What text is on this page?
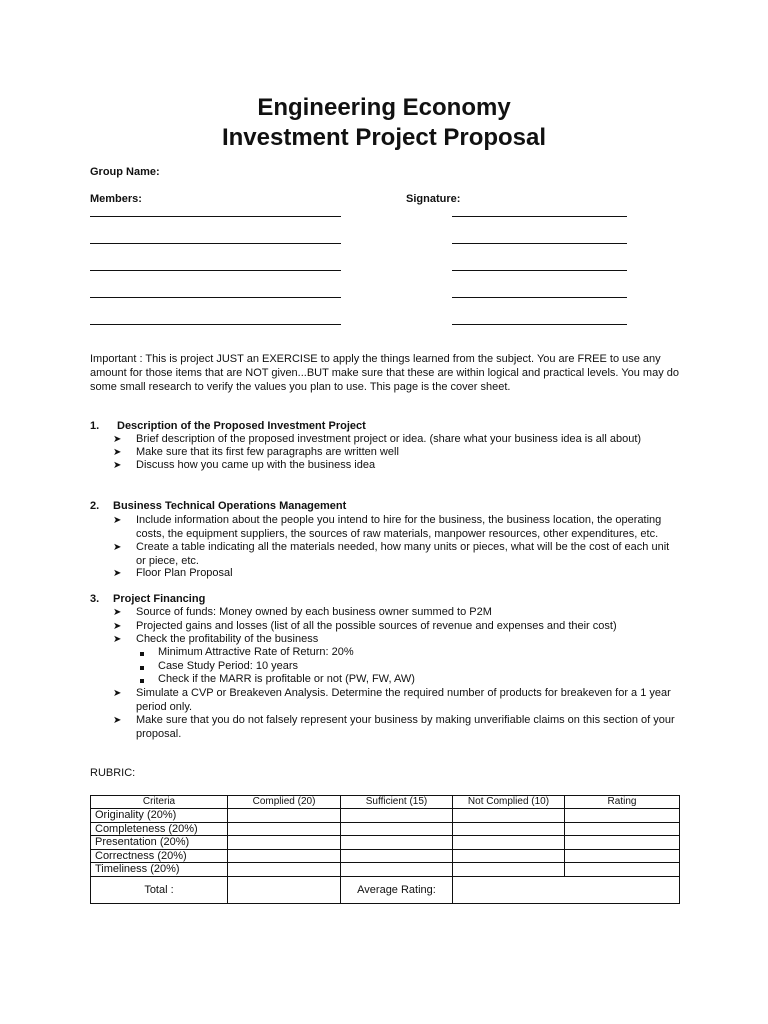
Engineering Economy
Investment Project Proposal
Group Name:
Members:	Signature:
Important : This is project JUST an EXERCISE to apply the things learned from the subject. You are FREE to use any amount for those items that are NOT given...BUT make sure that these are within logical and practical levels. You may do some small research to verify the values you plan to use. This page is the cover sheet.
1. Description of the Proposed Investment Project
➤ Brief description of the proposed investment project or idea. (share what your business idea is all about)
➤ Make sure that its first few paragraphs are written well
➤ Discuss how you came up with the business idea
2. Business Technical Operations Management
➤ Include information about the people you intend to hire for the business, the business location, the operating costs, the equipment suppliers, the sources of raw materials, manpower resources, other expenditures, etc.
➤ Create a table indicating all the materials needed, how many units or pieces, what will be the cost of each unit or piece, etc.
➤ Floor Plan Proposal
3. Project Financing
➤ Source of funds: Money owned by each business owner summed to P2M
➤ Projected gains and losses (list of all the possible sources of revenue and expenses and their cost)
➤ Check the profitability of the business
Minimum Attractive Rate of Return: 20%
Case Study Period: 10 years
Check if the MARR is profitable or not (PW, FW, AW)
➤ Simulate a CVP or Breakeven Analysis. Determine the required number of products for breakeven for a 1 year period only.
➤ Make sure that you do not falsely represent your business by making unverifiable claims on this section of your proposal.
RUBRIC:
Criteria	Complied (20)	Sufficient (15)	Not Complied (10)	Rating
Originality (20%)				
Completeness (20%)				
Presentation (20%)				
Correctness (20%)				
Timeliness (20%)				
Total :		Average Rating:		
